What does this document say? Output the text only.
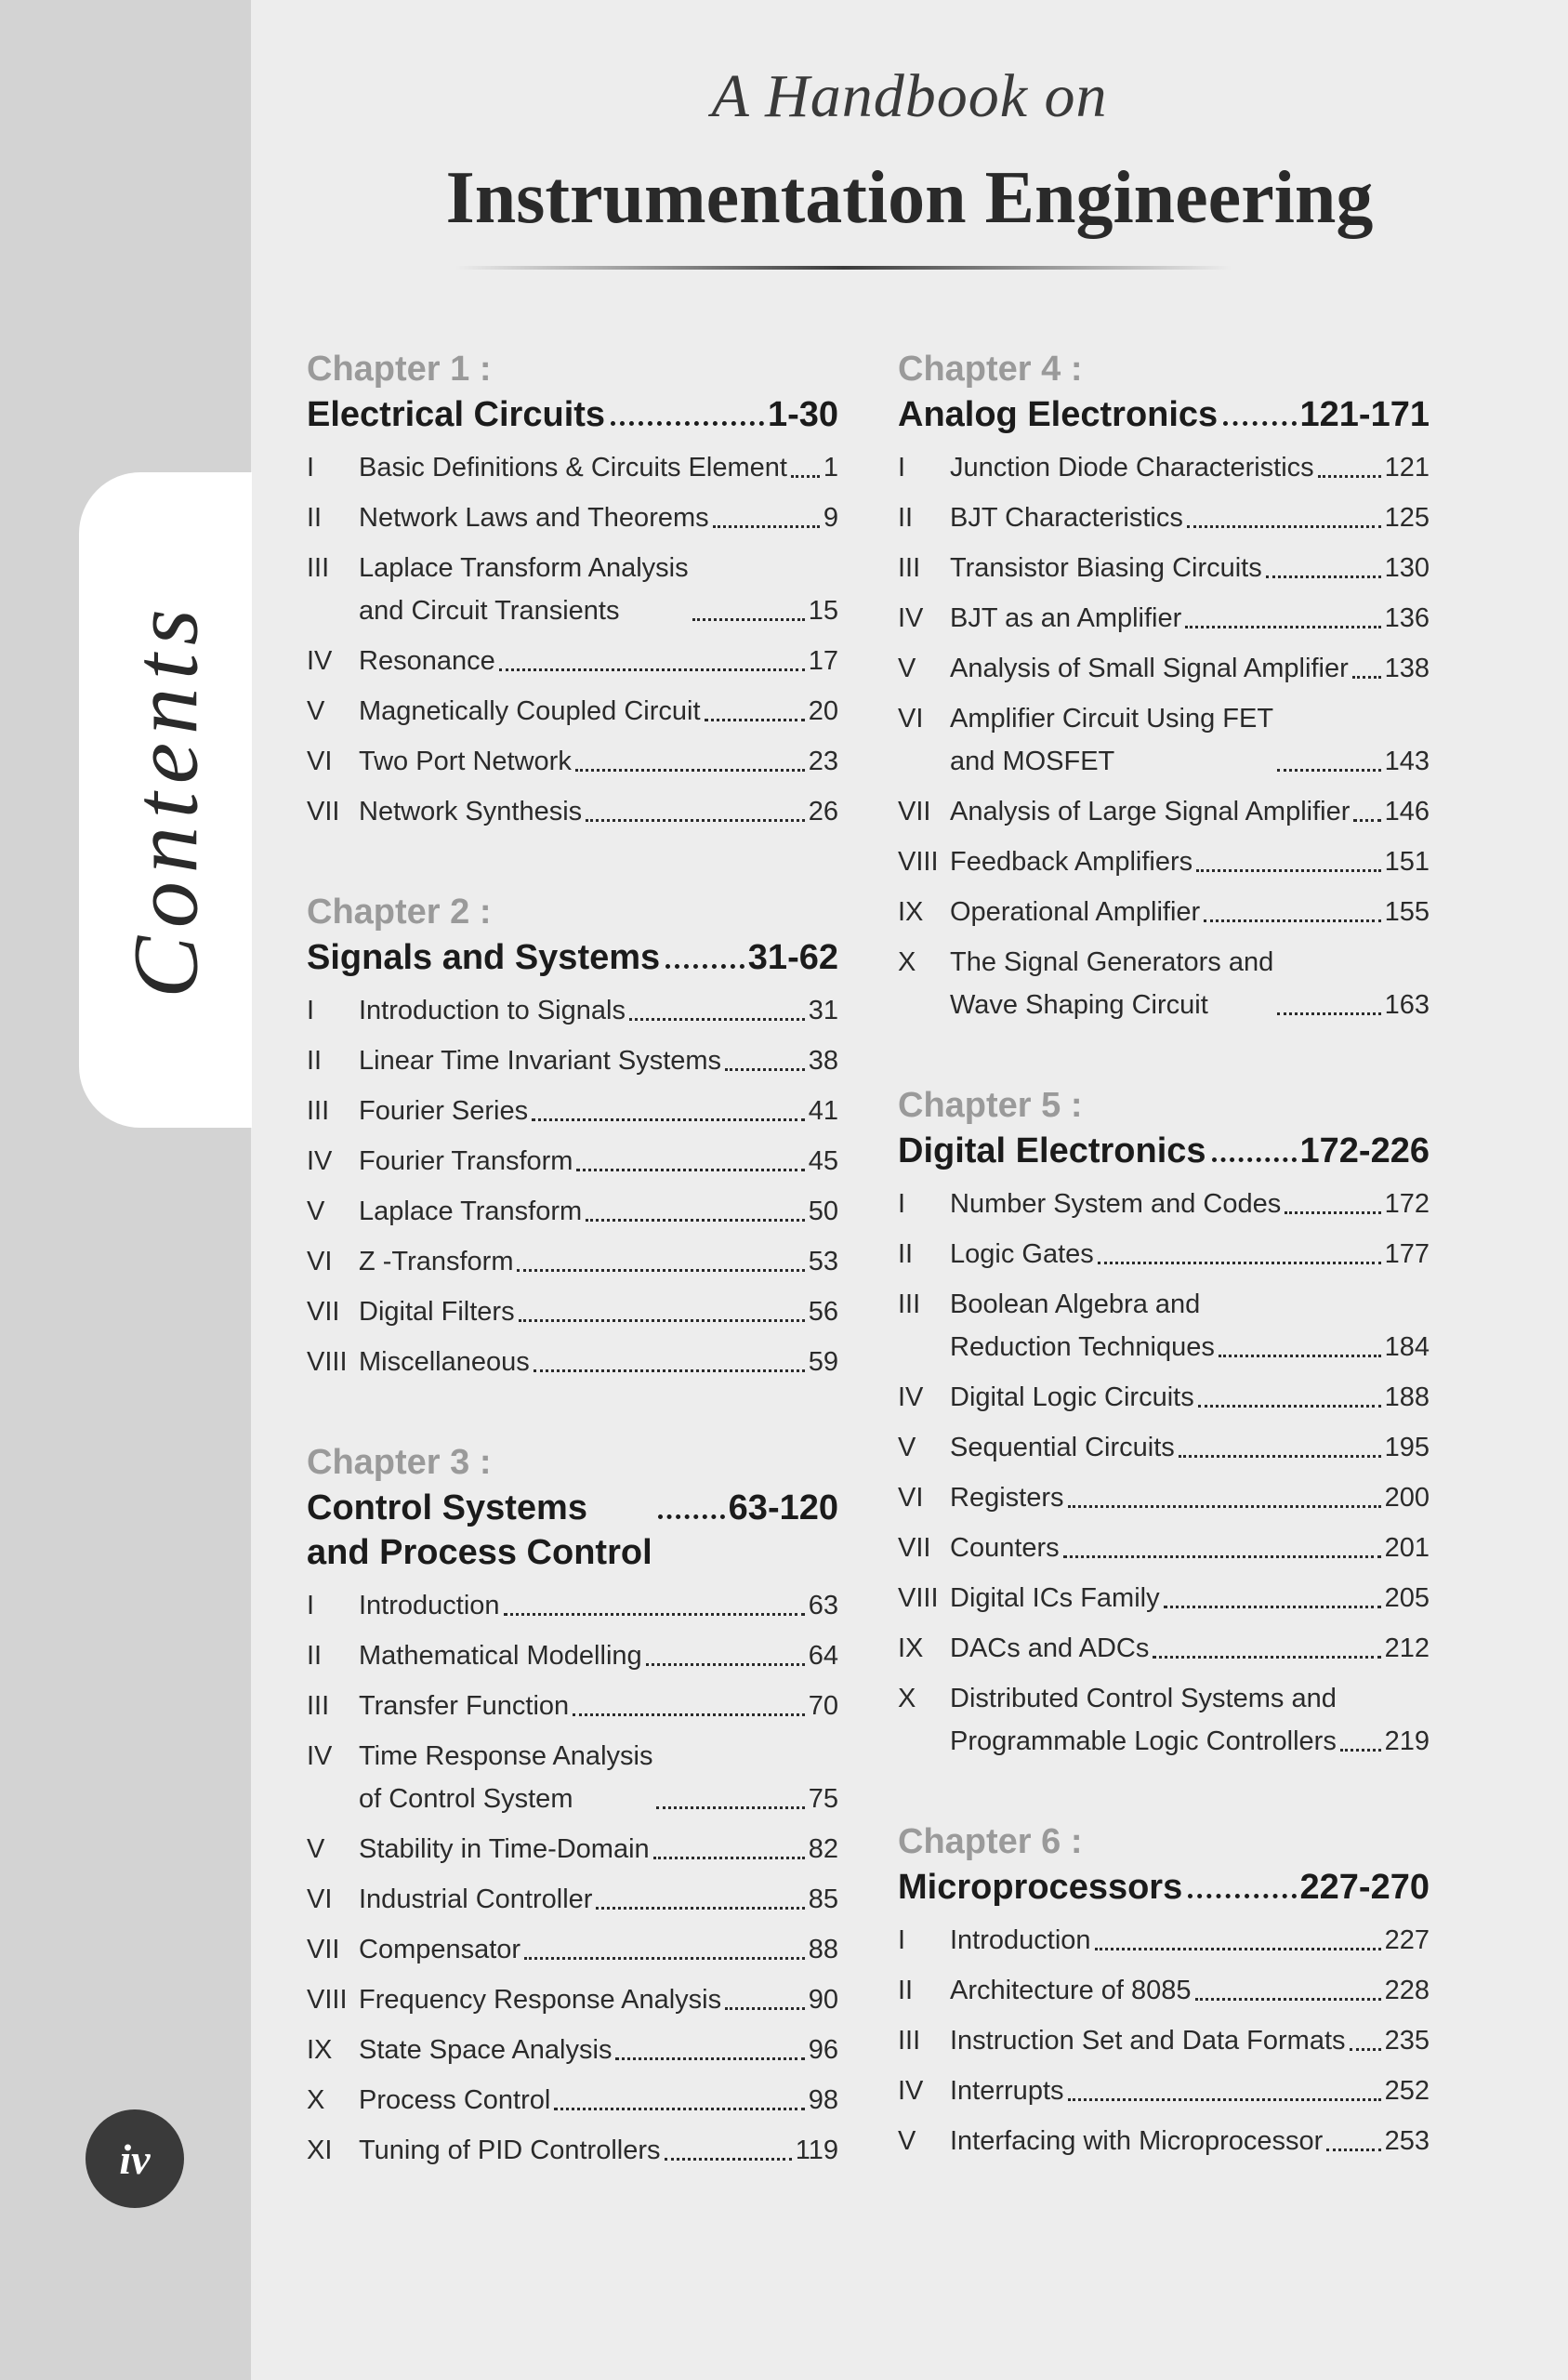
Contents
iv
A Handbook on
Instrumentation Engineering
Chapter 1 :
Electrical Circuits	1-30
I	Basic Definitions & Circuits Element 1
II	Network Laws and Theorems	9
III	Laplace Transform Analysis
and Circuit Transients	15
IV Resonance	17
V	Magnetically Coupled Circuit	20
VI Two Port Network	23
VII Network Synthesis	26
Chapter 2 :
Signals and Systems 31-62
I	Introduction to Signals	31
II	Linear Time Invariant Systems	38
III	Fourier Series	41
IV Fourier Transform	45
V	Laplace Transform	50
VI Z -Transform	53
VII Digital Filters	56
VIII Miscellaneous	59
Chapter 3 :
Control Systems
and Process Control
63-120
I	Introduction	63
II	Mathematical Modelling	64
III	Transfer Function	70
IV Time Response Analysis
of Control System	75
V	Stability in Time-Domain	82
VI Industrial Controller	85
VII Compensator	88
VIII Frequency Response Analysis	90
IX State Space Analysis	96
X	Process Control	98
XI Tuning of PID Controllers	119
Chapter 4 :
Analog Electronics 121-171
I	Junction Diode Characteristics	121
II	BJT Characteristics	125
III	Transistor Biasing Circuits	130
IV BJT as an Amplifier	136
V	Analysis of Small Signal Amplifier 138
VI Amplifier Circuit Using FET
and MOSFET	143
VII Analysis of Large Signal Amplifier 146
VIII Feedback Amplifiers	151
IX Operational Amplifier	155
X	The Signal Generators and
Wave Shaping Circuit	163
Chapter 5 :
Digital Electronics	172-226
I	Number System and Codes	172
II	Logic Gates	177
III	Boolean Algebra and
Reduction Techniques	184
IV Digital Logic Circuits	188
V	Sequential Circuits	195
VI Registers	200
VII Counters	201
VIII Digital ICs Family	205
IX DACs and ADCs	212
X	Distributed Control Systems and
Programmable Logic Controllers 219
Chapter 6 :
Microprocessors	227-270
I	Introduction	227
II	Architecture of 8085	228
III	Instruction Set and Data Formats 235
IV Interrupts	252
V	Interfacing with Microprocessor 253
